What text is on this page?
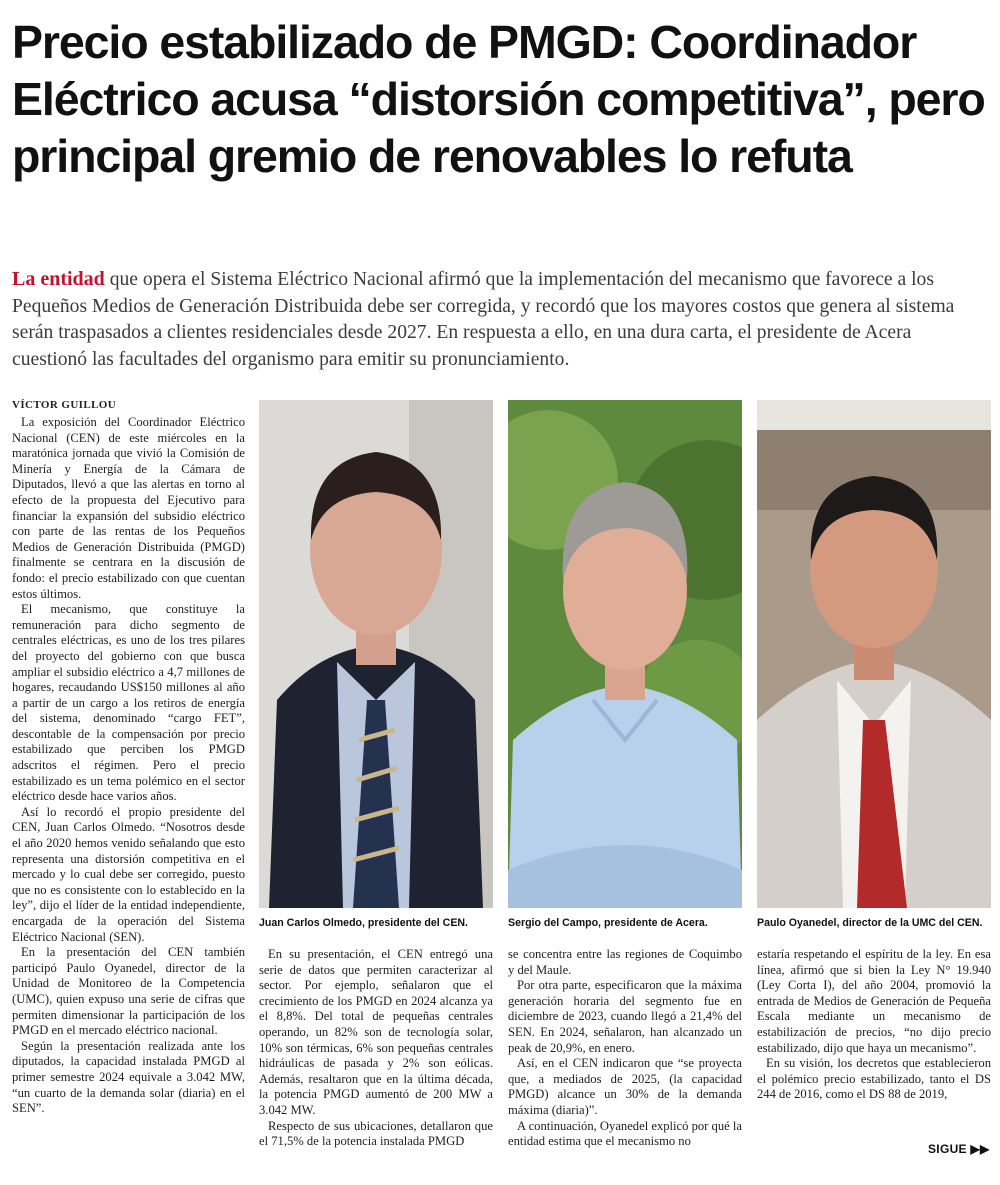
Precio estabilizado de PMGD: Coordinador Eléctrico acusa “distorsión competitiva”, pero principal gremio de renovables lo refuta

La entidad que opera el Sistema Eléctrico Nacional afirmó que la implementación del mecanismo que favorece a los Pequeños Medios de Generación Distribuida debe ser corregida, y recordó que los mayores costos que genera al sistema serán traspasados a clientes residenciales desde 2027. En respuesta a ello, en una dura carta, el presidente de Acera cuestionó las facultades del organismo para emitir su pronunciamiento.

VÍCTOR GUILLOU

La exposición del Coordinador Eléctrico Nacional (CEN) de este miércoles en la maratónica jornada que vivió la Comisión de Minería y Energía de la Cámara de Diputados, llevó a que las alertas en torno al efecto de la propuesta del Ejecutivo para financiar la expansión del subsidio eléctrico con parte de las rentas de los Pequeños Medios de Generación Distribuida (PMGD) finalmente se centrara en la discusión de fondo: el precio estabilizado con que cuentan estos últimos.

El mecanismo, que constituye la remuneración para dicho segmento de centrales eléctricas, es uno de los tres pilares del proyecto del gobierno con que busca ampliar el subsidio eléctrico a 4,7 millones de hogares, recaudando US$150 millones al año a partir de un cargo a los retiros de energía del sistema, denominado “cargo FET”, descontable de la compensación por precio estabilizado que perciben los PMGD adscritos el régimen. Pero el precio estabilizado es un tema polémico en el sector eléctrico desde hace varios años.

Así lo recordó el propio presidente del CEN, Juan Carlos Olmedo. “Nosotros desde el año 2020 hemos venido señalando que esto representa una distorsión competitiva en el mercado y lo cual debe ser corregido, puesto que no es consistente con lo establecido en la ley”, dijo el líder de la entidad independiente, encargada de la operación del Sistema Eléctrico Nacional (SEN).

En la presentación del CEN también participó Paulo Oyanedel, director de la Unidad de Monitoreo de la Competencia (UMC), quien expuso una serie de cifras que permiten dimensionar la participación de los PMGD en el mercado eléctrico nacional.

Según la presentación realizada ante los diputados, la capacidad instalada PMGD al primer semestre 2024 equivale a 3.042 MW, “un cuarto de la demanda solar (diaria) en el SEN”.

Juan Carlos Olmedo, presidente del CEN.	Sergio del Campo, presidente de Acera.	Paulo Oyanedel, director de la UMC del CEN.

En su presentación, el CEN entregó una serie de datos que permiten caracterizar al sector. Por ejemplo, señalaron que el crecimiento de los PMGD en 2024 alcanza ya el 8,8%. Del total de pequeñas centrales operando, un 82% son de tecnología solar, 10% son térmicas, 6% son pequeñas centrales hidráulicas de pasada y 2% son eólicas. Además, resaltaron que en la última década, la potencia PMGD aumentó de 200 MW a 3.042 MW.

Respecto de sus ubicaciones, detallaron que el 71,5% de la potencia instalada PMGD

se concentra entre las regiones de Coquimbo y del Maule.

Por otra parte, especificaron que la máxima generación horaria del segmento fue en diciembre de 2023, cuando llegó a 21,4% del SEN. En 2024, señalaron, han alcanzado un peak de 20,9%, en enero.

Así, en el CEN indicaron que “se proyecta que, a mediados de 2025, (la capacidad PMGD) alcance un 30% de la demanda máxima (diaria)”.

A continuación, Oyanedel explicó por qué la entidad estima que el mecanismo no

estaría respetando el espíritu de la ley. En esa línea, afirmó que si bien la Ley N° 19.940 (Ley Corta I), del año 2004, promovió la entrada de Medios de Generación de Pequeña Escala mediante un mecanismo de estabilización de precios, “no dijo precio estabilizado, dijo que haya un mecanismo”.

En su visión, los decretos que establecieron el polémico precio estabilizado, tanto el DS 244 de 2016, como el DS 88 de 2019,

SIGUE ▶▶
